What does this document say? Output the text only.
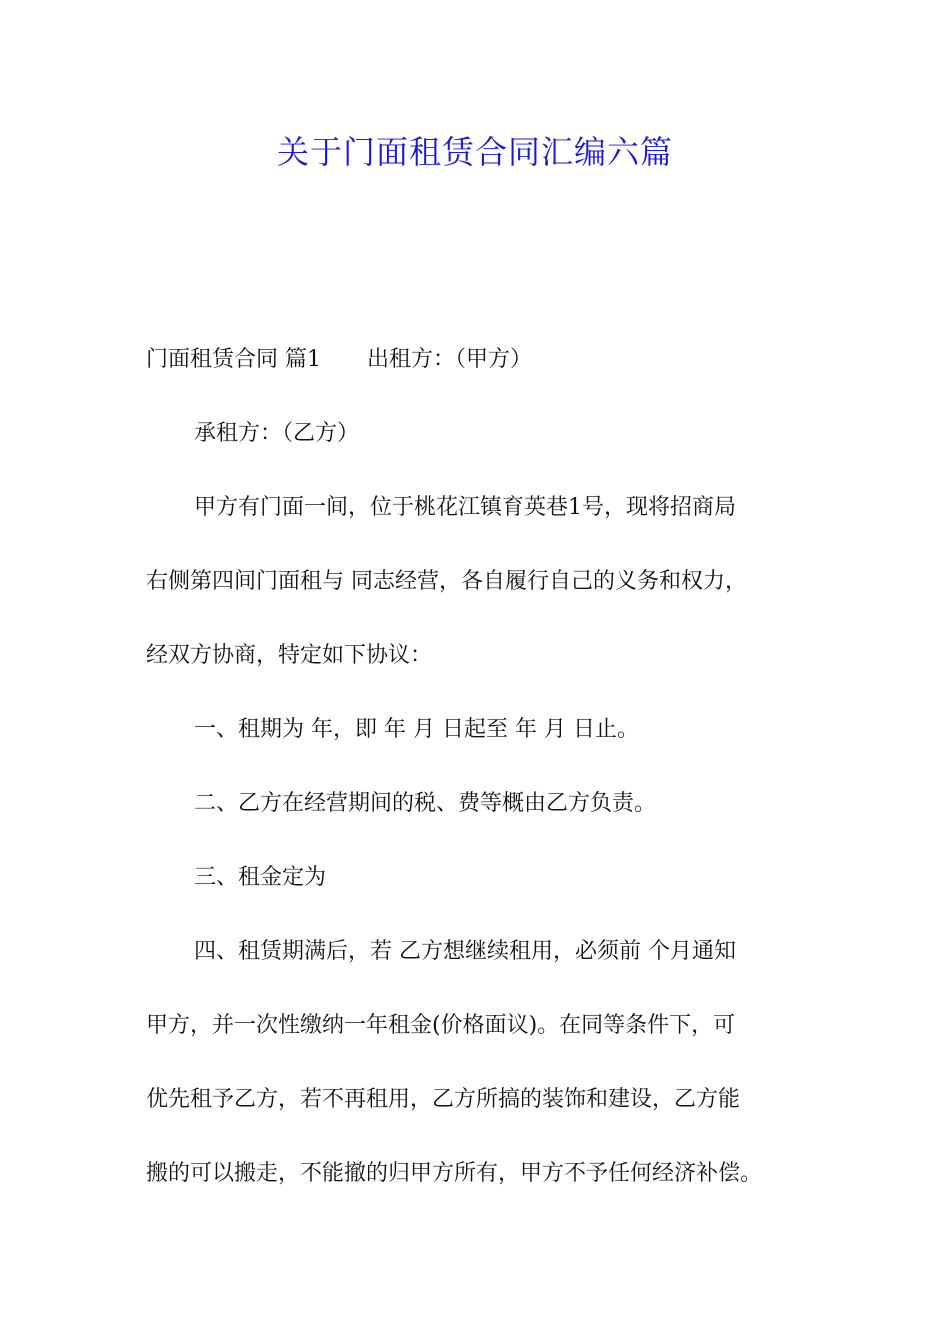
关于门面租赁合同汇编六篇

门面租赁合同 篇1 出租方：（甲方）

承租方：（乙方）

甲方有门面一间，位于桃花江镇育英巷1号，现将招商局

右侧第四间门面租与 同志经营，各自履行自己的义务和权力，

经双方协商，特定如下协议：

一、租期为 年，即 年 月 日起至 年 月 日止。

二、乙方在经营期间的税、费等概由乙方负责。

三、租金定为

四、租赁期满后，若 乙方想继续租用，必须前 个月通知

甲方，并一次性缴纳一年租金(价格面议)。在同等条件下，可

优先租予乙方，若不再租用，乙方所搞的装饰和建设，乙方能

搬的可以搬走，不能撤的归甲方所有，甲方不予任何经济补偿。
